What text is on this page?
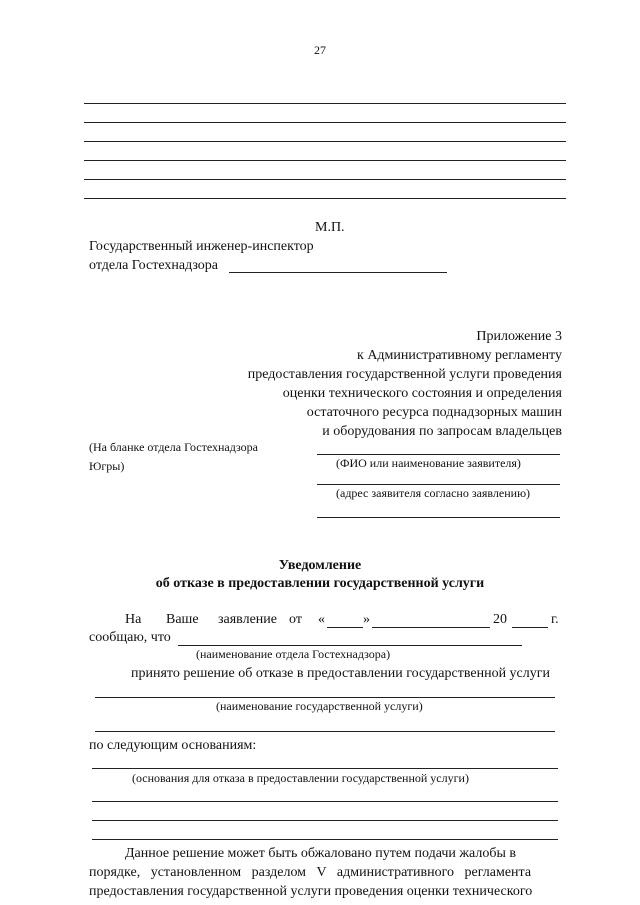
27
М.П.
Государственный инженер-инспектор
отдела Гостехнадзора
Приложение 3
к Административному регламенту
предоставления государственной услуги проведения
оценки технического состояния и определения
остаточного ресурса поднадзорных машин
и оборудования по запросам владельцев
(На бланке отдела Гостехнадзора
Югры)	(ФИО или наименование заявителя)
(адрес заявителя согласно заявлению)
Уведомление
об отказе в предоставлении государственной услуги
На Ваше заявление от «	»	20	г.
сообщаю, что
(наименование отдела Гостехнадзора)
принято решение об отказе в предоставлении государственной услуги
(наименование государственной услуги)
по следующим основаниям:
(основания для отказа в предоставлении государственной услуги)
Данное решение может быть обжаловано путем подачи жалобы в
порядке, установленном разделом V административного регламента
предоставления государственной услуги проведения оценки технического
